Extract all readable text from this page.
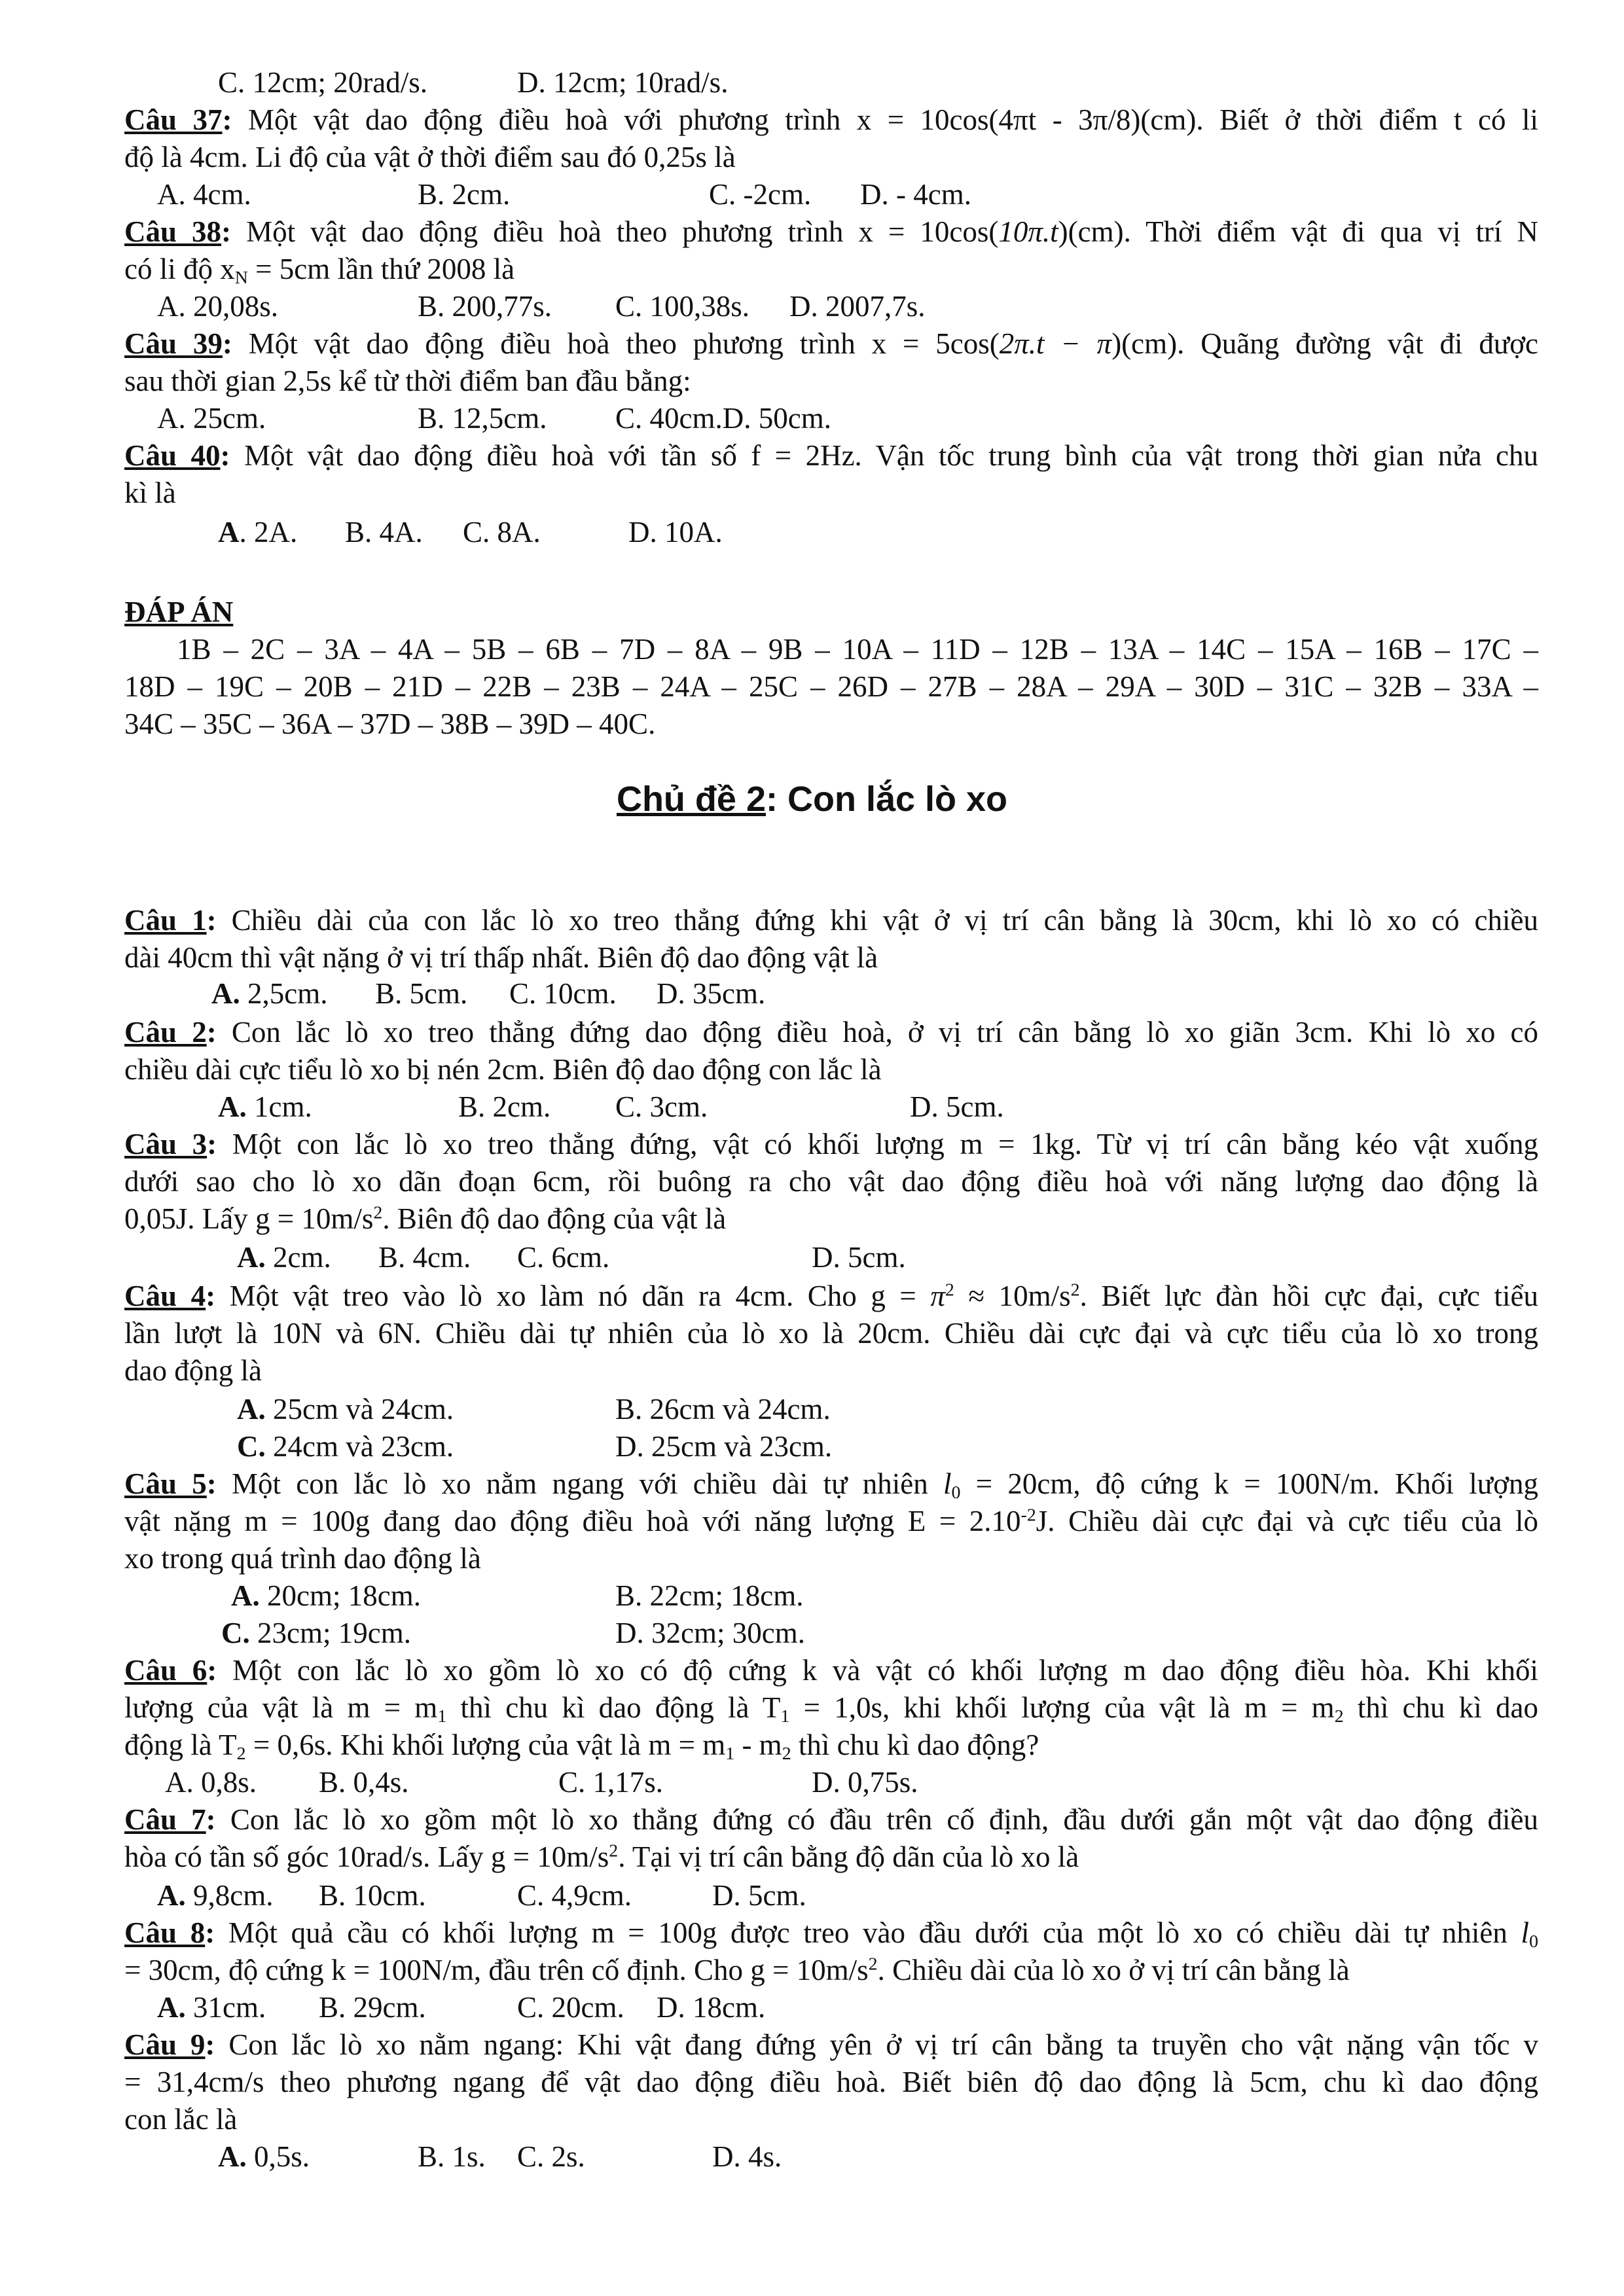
C. 12cm; 20rad/s.	D. 12cm; 10rad/s.
Câu 37: Một vật dao động điều hoà với phương trình x = 10cos(4πt - 3π/8)(cm). Biết ở thời điểm t có li
độ là 4cm. Li độ của vật ở thời điểm sau đó 0,25s là
A. 4cm.	B. 2cm.	C. -2cm. D. - 4cm.
Câu 38: Một vật dao động điều hoà theo phương trình x = 10cos(10π.t)(cm). Thời điểm vật đi qua vị trí N
có li độ $x_N = 5cm$ lần thứ 2008 là
A. 20,08s.	B. 200,77s. C. 100,38s. D. 2007,7s.
Câu 39: Một vật dao động điều hoà theo phương trình x = 5cos(2π.t − π)(cm). Quãng đường vật đi được
sau thời gian 2,5s kể từ thời điểm ban đầu bằng:
A. 25cm.	B. 12,5cm. C. 40cm.D. 50cm.
Câu 40: Một vật dao động điều hoà với tần số f = 2Hz. Vận tốc trung bình của vật trong thời gian nửa chu
kì là
A. 2A. B. 4A. C. 8A.	D. 10A.
ĐÁP ÁN
1B – 2C – 3A – 4A – 5B – 6B – 7D – 8A – 9B – 10A – 11D – 12B – 13A – 14C – 15A – 16B – 17C –
18D – 19C – 20B – 21D – 22B – 23B – 24A – 25C – 26D – 27B – 28A – 29A – 30D – 31C – 32B – 33A –
34C – 35C – 36A – 37D – 38B – 39D – 40C.
Chủ đề 2: Con lắc lò xo
Câu 1: Chiều dài của con lắc lò xo treo thẳng đứng khi vật ở vị trí cân bằng là 30cm, khi lò xo có chiều
dài 40cm thì vật nặng ở vị trí thấp nhất. Biên độ dao động vật là
A. 2,5cm. B. 5cm. C. 10cm. D. 35cm.
Câu 2: Con lắc lò xo treo thẳng đứng dao động điều hoà, ở vị trí cân bằng lò xo giãn 3cm. Khi lò xo có
chiều dài cực tiểu lò xo bị nén 2cm. Biên độ dao động con lắc là
A. 1cm.	B. 2cm. C. 3cm.	D. 5cm.
Câu 3: Một con lắc lò xo treo thẳng đứng, vật có khối lượng m = 1kg. Từ vị trí cân bằng kéo vật xuống
dưới sao cho lò xo dãn đoạn 6cm, rồi buông ra cho vật dao động điều hoà với năng lượng dao động là
0,05J. Lấy $g = 10m/s^2$. Biên độ dao động của vật là
A. 2cm. B. 4cm. C. 6cm.	D. 5cm.
Câu 4: Một vật treo vào lò xo làm nó dãn ra 4cm. Cho $g = \pi^2 \approx 10m/s^2$. Biết lực đàn hồi cực đại, cực tiểu
lần lượt là 10N và 6N. Chiều dài tự nhiên của lò xo là 20cm. Chiều dài cực đại và cực tiểu của lò xo trong
dao động là
A. 25cm và 24cm.	B. 26cm và 24cm.
C. 24cm và 23cm.	D. 25cm và 23cm.
Câu 5: Một con lắc lò xo nằm ngang với chiều dài tự nhiên $l_0 = 20cm$, độ cứng k = 100N/m. Khối lượng
vật nặng m = 100g đang dao động điều hoà với năng lượng $E = 2.10^{-2}J$. Chiều dài cực đại và cực tiểu của lò
xo trong quá trình dao động là
A. 20cm; 18cm.	B. 22cm; 18cm.
C. 23cm; 19cm.	D. 32cm; 30cm.
Câu 6: Một con lắc lò xo gồm lò xo có độ cứng k và vật có khối lượng m dao động điều hòa. Khi khối
lượng của vật là $m = m_1$ thì chu kì dao động là $T_1 = 1,0s$, khi khối lượng của vật là $m = m_2$ thì chu kì dao
động là $T_2 = 0,6s$. Khi khối lượng của vật là $m = m_1 - m_2$ thì chu kì dao động?
A. 0,8s. B. 0,4s.	C. 1,17s.	D. 0,75s.
Câu 7: Con lắc lò xo gồm một lò xo thẳng đứng có đầu trên cố định, đầu dưới gắn một vật dao động điều
hòa có tần số góc 10rad/s. Lấy $g = 10m/s^2$. Tại vị trí cân bằng độ dãn của lò xo là
A. 9,8cm. B. 10cm.	C. 4,9cm.	D. 5cm.
Câu 8: Một quả cầu có khối lượng m = 100g được treo vào đầu dưới của một lò xo có chiều dài tự nhiên $l_0$
= 30cm, độ cứng k = 100N/m, đầu trên cố định. Cho $g = 10m/s^2$. Chiều dài của lò xo ở vị trí cân bằng là
A. 31cm. B. 29cm.	C. 20cm. D. 18cm.
Câu 9: Con lắc lò xo nằm ngang: Khi vật đang đứng yên ở vị trí cân bằng ta truyền cho vật nặng vận tốc v
= 31,4cm/s theo phương ngang để vật dao động điều hoà. Biết biên độ dao động là 5cm, chu kì dao động
con lắc là
A. 0,5s.	B. 1s. C. 2s.	D. 4s.
